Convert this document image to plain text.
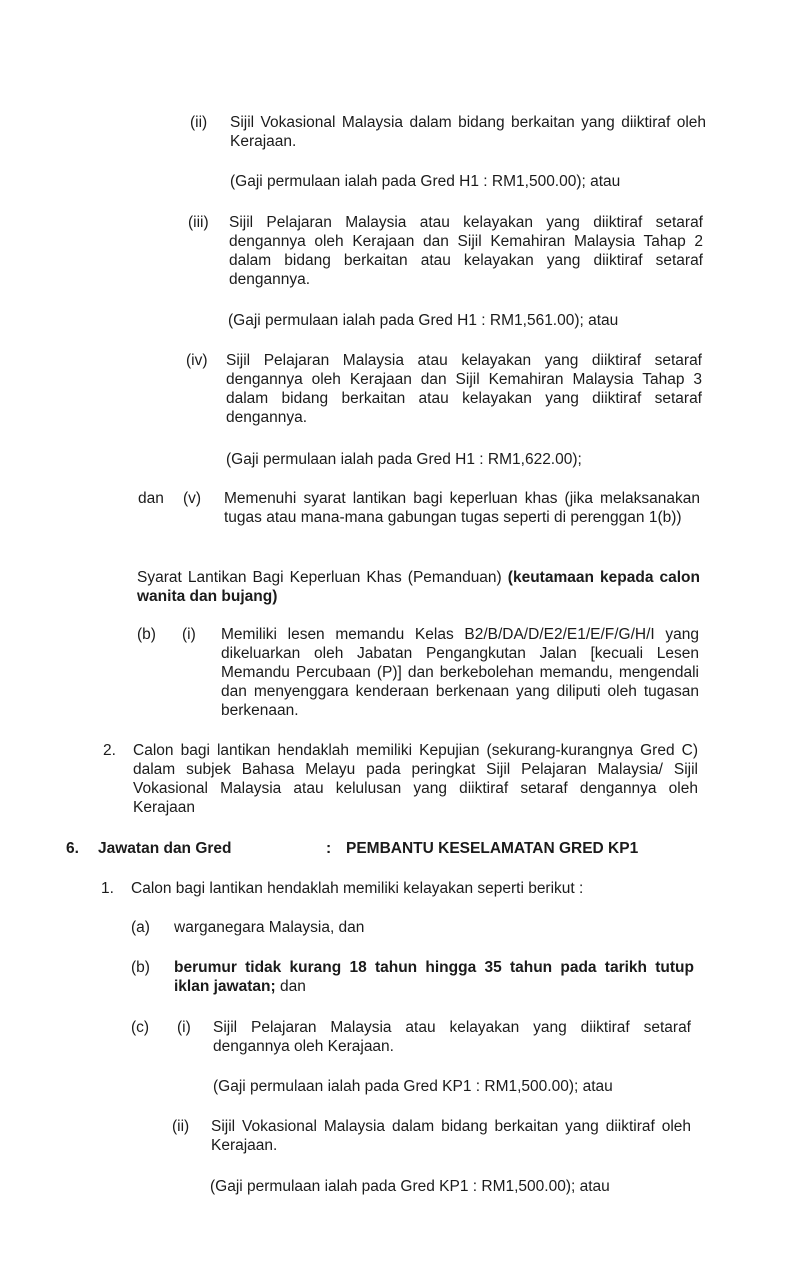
(ii) Sijil Vokasional Malaysia dalam bidang berkaitan yang diiktiraf oleh Kerajaan.

(Gaji permulaan ialah pada Gred H1 : RM1,500.00); atau

(iii) Sijil Pelajaran Malaysia atau kelayakan yang diiktiraf setaraf dengannya oleh Kerajaan dan Sijil Kemahiran Malaysia Tahap 2 dalam bidang berkaitan atau kelayakan yang diiktiraf setaraf dengannya.

(Gaji permulaan ialah pada Gred H1 : RM1,561.00); atau

(iv) Sijil Pelajaran Malaysia atau kelayakan yang diiktiraf setaraf dengannya oleh Kerajaan dan Sijil Kemahiran Malaysia Tahap 3 dalam bidang berkaitan atau kelayakan yang diiktiraf setaraf dengannya.

(Gaji permulaan ialah pada Gred H1 : RM1,622.00);

dan (v) Memenuhi syarat lantikan bagi keperluan khas (jika melaksanakan tugas atau mana-mana gabungan tugas seperti di perenggan 1(b))

Syarat Lantikan Bagi Keperluan Khas (Pemanduan) (keutamaan kepada calon wanita dan bujang)

(b) (i) Memiliki lesen memandu Kelas B2/B/DA/D/E2/E1/E/F/G/H/I yang dikeluarkan oleh Jabatan Pengangkutan Jalan [kecuali Lesen Memandu Percubaan (P)] dan berkebolehan memandu, mengendali dan menyenggara kenderaan berkenaan yang diliputi oleh tugasan berkenaan.

2. Calon bagi lantikan hendaklah memiliki Kepujian (sekurang-kurangnya Gred C) dalam subjek Bahasa Melayu pada peringkat Sijil Pelajaran Malaysia/ Sijil Vokasional Malaysia atau kelulusan yang diiktiraf setaraf dengannya oleh Kerajaan

6. Jawatan dan Gred	: PEMBANTU KESELAMATAN GRED KP1
1. Calon bagi lantikan hendaklah memiliki kelayakan seperti berikut :

(a) warganegara Malaysia, dan

(b) berumur tidak kurang 18 tahun hingga 35 tahun pada tarikh tutup iklan jawatan; dan

(c) (i) Sijil Pelajaran Malaysia atau kelayakan yang diiktiraf setaraf dengannya oleh Kerajaan.

(Gaji permulaan ialah pada Gred KP1 : RM1,500.00); atau

(ii) Sijil Vokasional Malaysia dalam bidang berkaitan yang diiktiraf oleh Kerajaan.

(Gaji permulaan ialah pada Gred KP1 : RM1,500.00); atau
